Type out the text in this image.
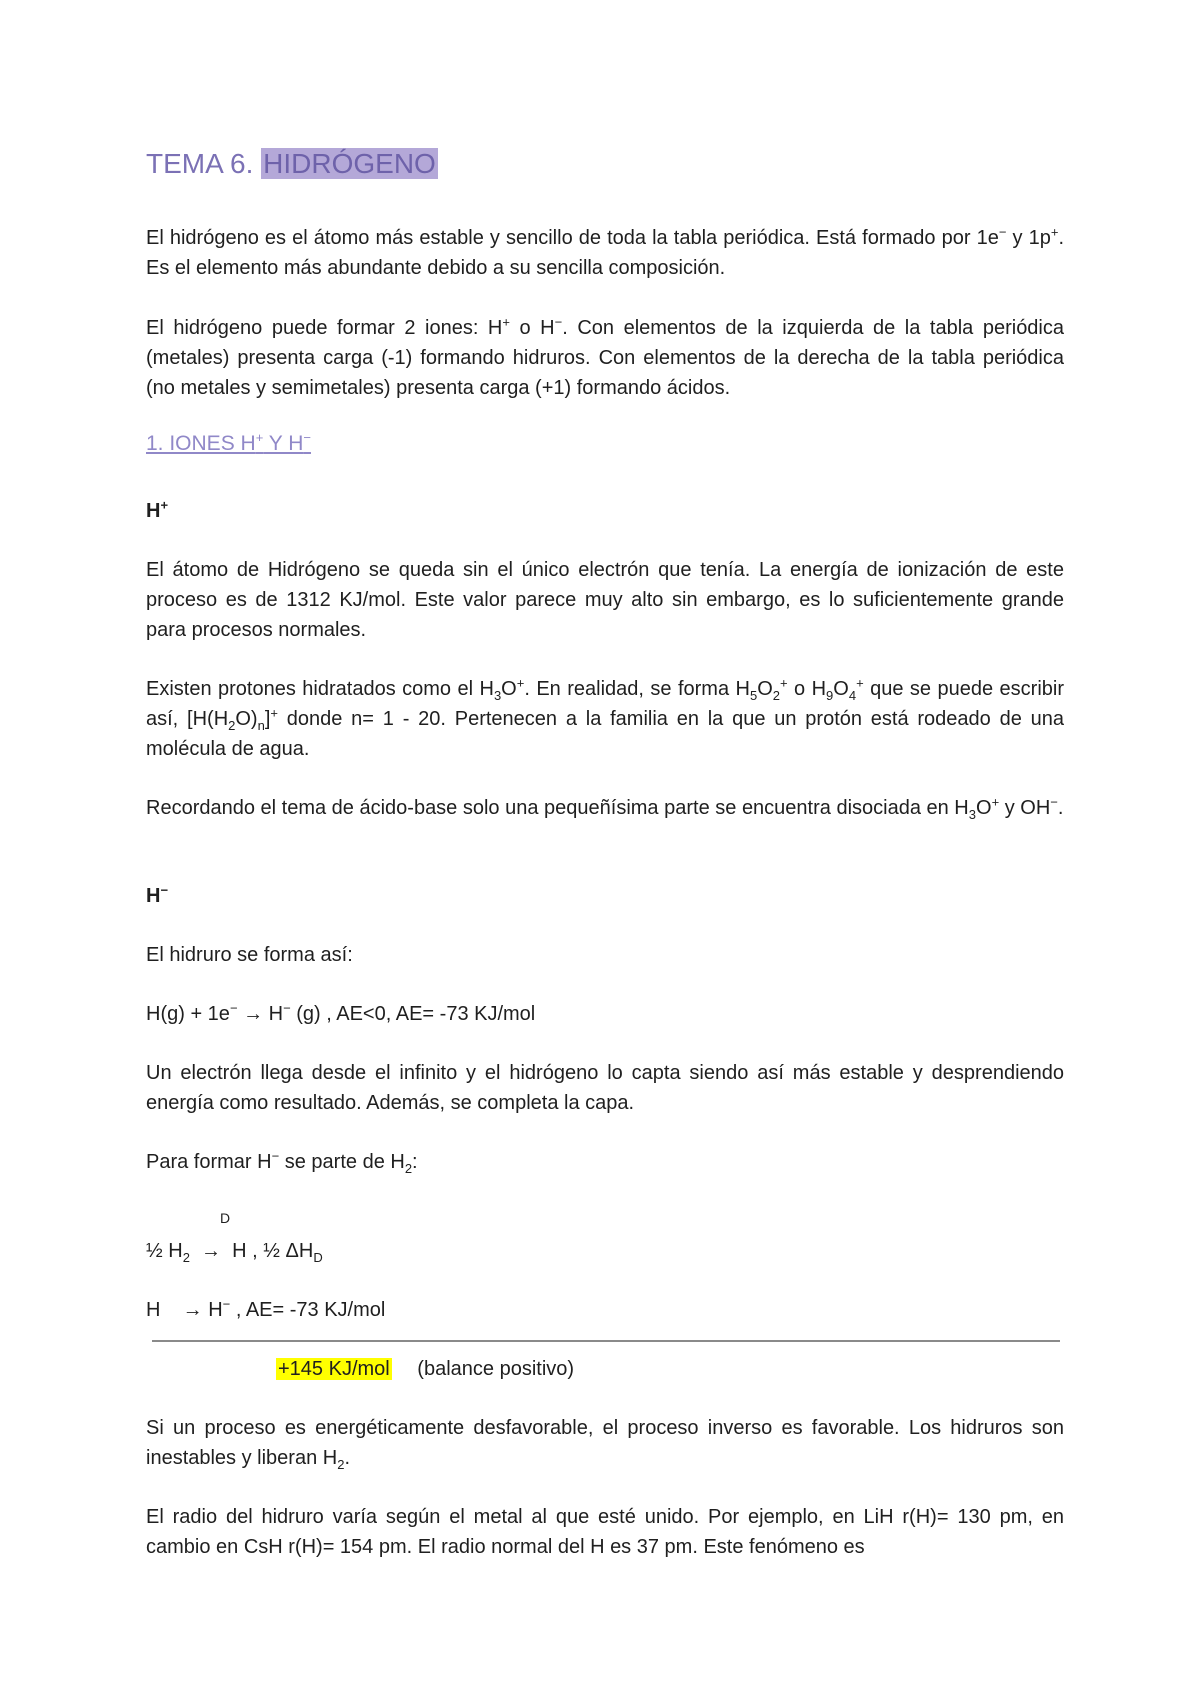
TEMA 6. HIDRÓGENO

El hidrógeno es el átomo más estable y sencillo de toda la tabla periódica. Está formado por 1e− y 1p+. Es el elemento más abundante debido a su sencilla composición.

El hidrógeno puede formar 2 iones: H+ o H−. Con elementos de la izquierda de la tabla periódica (metales) presenta carga (-1) formando hidruros. Con elementos de la derecha de la tabla periódica (no metales y semimetales) presenta carga (+1) formando ácidos.

1. IONES H+ Y H−

H+

El átomo de Hidrógeno se queda sin el único electrón que tenía. La energía de ionización de este proceso es de 1312 KJ/mol. Este valor parece muy alto sin embargo, es lo suficientemente grande para procesos normales.

Existen protones hidratados como el $H_3O^+$. En realidad, se forma $H_5O_2^+$ o $H_9O_4^+$ que se puede escribir así, $[H(H_2O)_n]^+$ donde n= 1 - 20. Pertenecen a la familia en la que un protón está rodeado de una molécula de agua.

Recordando el tema de ácido-base solo una pequeñísima parte se encuentra disociada en $H_3O^+$ y OH−.

H−

El hidruro se forma así:

H(g) + 1e− → H− (g) , AE<0, AE= -73 KJ/mol

Un electrón llega desde el infinito y el hidrógeno lo capta siendo así más estable y desprendiendo energía como resultado. Además, se completa la capa.

Para formar H− se parte de $H_2$:

D

½ $H_2 \to H$ , ½ $\Delta H_D$

H    → H− , AE= -73 KJ/mol

+145 KJ/mol (balance positivo)

Si un proceso es energéticamente desfavorable, el proceso inverso es favorable. Los hidruros son inestables y liberan $H_2$.

El radio del hidruro varía según el metal al que esté unido. Por ejemplo, en LiH r(H)= 130 pm, en cambio en CsH r(H)= 154 pm. El radio normal del H es 37 pm. Este fenómeno es
